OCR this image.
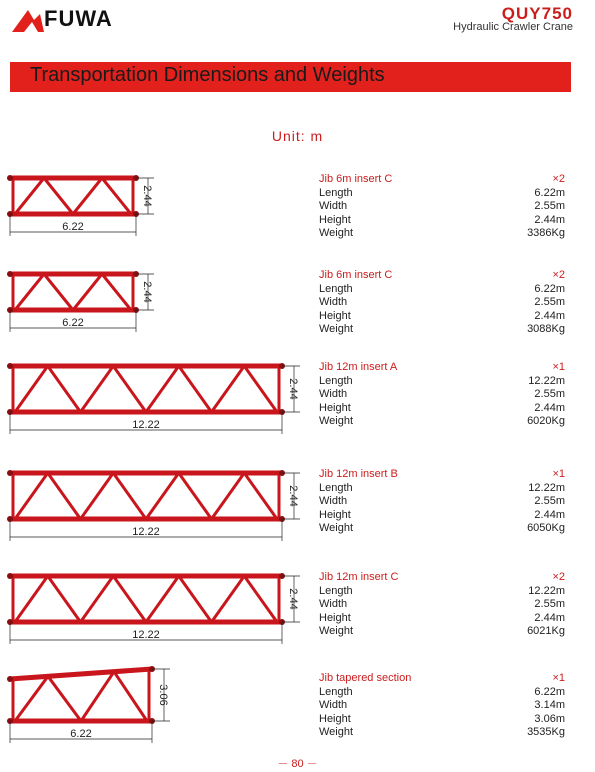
FUWA	QUY750
Hydraulic Crawler Crane
Transportation Dimensions and Weights
Unit: m
2.44
6.22
Jib 6m insert C	×2
Length	6.22m
Width	2.55m
Height	2.44m
Weight	3386Kg
2.44
6.22
Jib 6m insert C	×2
Length	6.22m
Width	2.55m
Height	2.44m
Weight	3088Kg
2.44
12.22
Jib 12m insert A	×1
Length	12.22m
Width	2.55m
Height	2.44m
Weight	6020Kg
2.44
12.22
Jib 12m insert B	×1
Length	12.22m
Width	2.55m
Height	2.44m
Weight	6050Kg
2.44
12.22
Jib 12m insert C	×2
Length	12.22m
Width	2.55m
Height	2.44m
Weight	6021Kg
3.06
6.22
Jib tapered section	×1
Length	6.22m
Width	3.14m
Height	3.06m
Weight	3535Kg
－ 80 －
